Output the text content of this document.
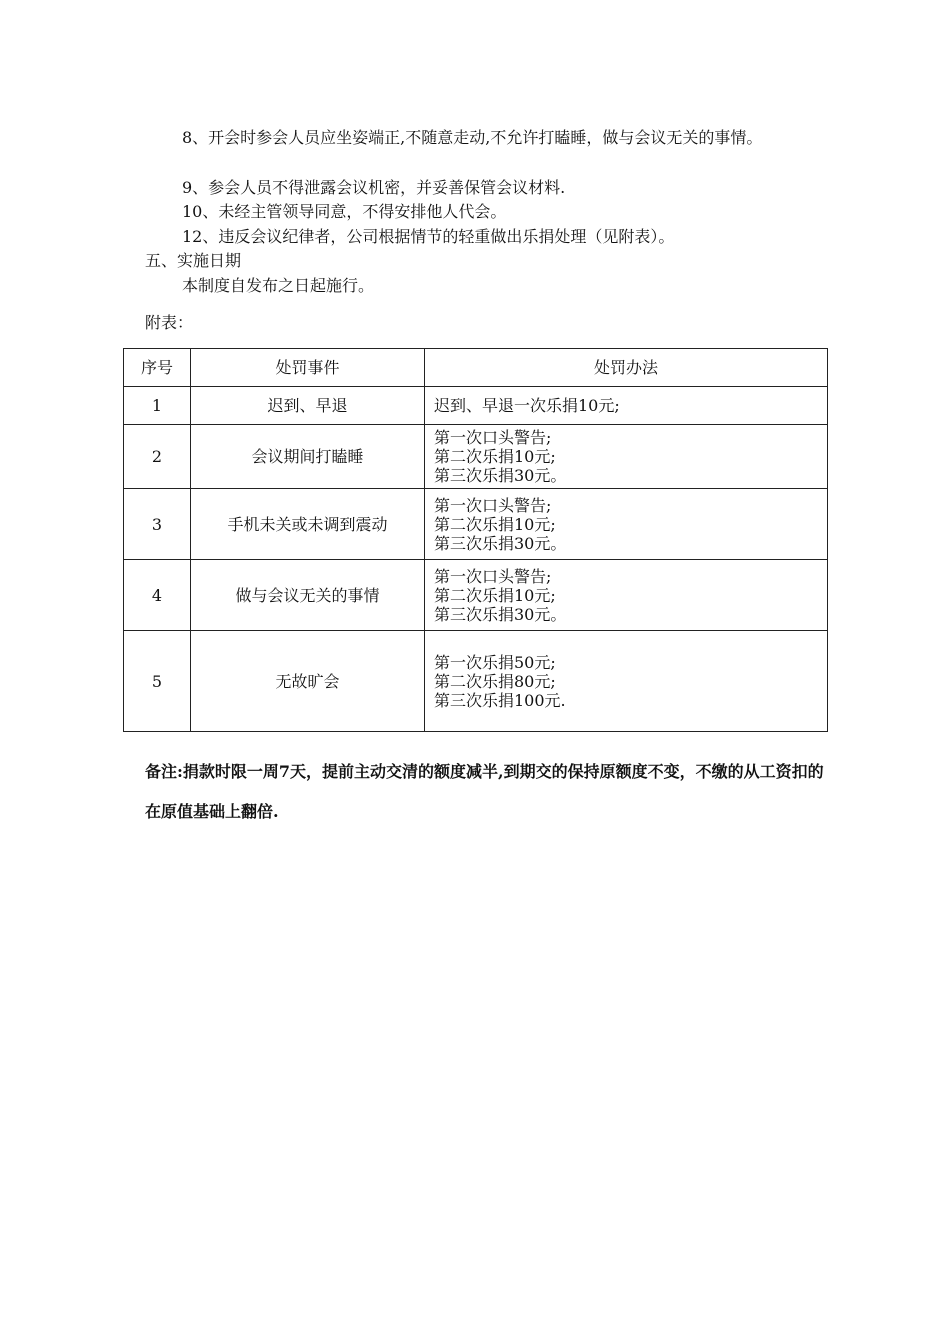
8、开会时参会人员应坐姿端正,不随意走动,不允许打瞌睡，做与会议无关的事情。

9、参会人员不得泄露会议机密，并妥善保管会议材料.

10、未经主管领导同意，不得安排他人代会。

12、违反会议纪律者，公司根据情节的轻重做出乐捐处理（见附表）。

五、实施日期

本制度自发布之日起施行。

附表：

序号	处罚事件	处罚办法
1	迟到、早退	迟到、早退一次乐捐10元;

2	会议期间打瞌睡	第一次口头警告;
第二次乐捐10元;
第三次乐捐30元。

3	手机未关或未调到震动	第一次口头警告;
第二次乐捐10元;
第三次乐捐30元。

4	做与会议无关的事情	第一次口头警告;
第二次乐捐10元;
第三次乐捐30元。

5	无故旷会	第一次乐捐50元;
第二次乐捐80元;
第三次乐捐100元.

备注:捐款时限一周7天，提前主动交清的额度减半,到期交的保持原额度不变，不缴的从工资扣的在原值基础上翻倍.
